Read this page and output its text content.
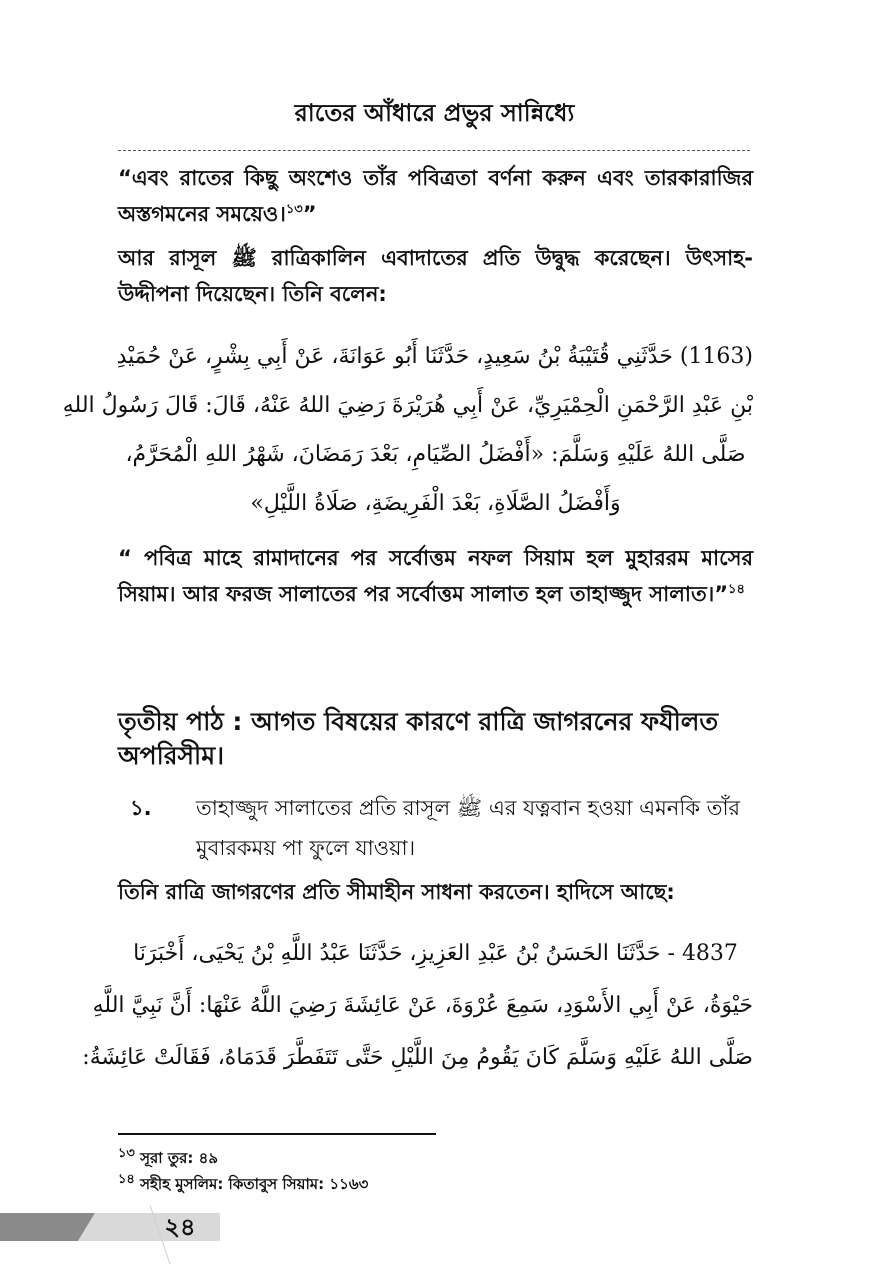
রাতের আঁধারে প্রভুর সান্নিধ্যে
“এবং রাতের কিছু অংশেও তাঁর পবিত্রতা বর্ণনা করুন এবং তারকারাজির অস্তগমনের সময়েও।$^{১৩}$”
আর রাসূল ﷺ রাত্রিকালিন এবাদাতের প্রতি উদ্বুদ্ধ করেছেন। উৎসাহ-উদ্দীপনা দিয়েছেন। তিনি বলেন:
(1163) حَدَّثَنِي قُتَيْبَةُ بْنُ سَعِيدٍ، حَدَّثَنَا أَبُو عَوَانَةَ، عَنْ أَبِي بِشْرٍ، عَنْ حُمَيْدِ
بْنِ عَبْدِ الرَّحْمَنِ الْحِمْيَرِيِّ، عَنْ أَبِي هُرَيْرَةَ رَضِيَ اللهُ عَنْهُ، قَالَ: قَالَ رَسُولُ اللهِ
صَلَّى اللهُ عَلَيْهِ وَسَلَّمَ: «أَفْضَلُ الصِّيَامِ، بَعْدَ رَمَضَانَ، شَهْرُ اللهِ الْمُحَرَّمُ،
وَأَفْضَلُ الصَّلَاةِ، بَعْدَ الْفَرِيضَةِ، صَلَاةُ اللَّيْلِ»
“ পবিত্র মাহে রামাদানের পর সর্বোত্তম নফল সিয়াম হল মুহাররম মাসের সিয়াম। আর ফরজ সালাতের পর সর্বোত্তম সালাত হল তাহাজ্জুদ সালাত।”$^{১৪}$
তৃতীয় পাঠ : আগত বিষয়ের কারণে রাত্রি জাগরনের ফযীলত অপরিসীম।
১. তাহাজ্জুদ সালাতের প্রতি রাসূল ﷺ এর যত্নবান হওয়া এমনকি তাঁর মুবারকময় পা ফুলে যাওয়া।
তিনি রাত্রি জাগরণের প্রতি সীমাহীন সাধনা করতেন। হাদিসে আছে:
4837 - حَدَّثَنَا الحَسَنُ بْنُ عَبْدِ العَزِيزِ، حَدَّثَنَا عَبْدُ اللَّهِ بْنُ يَحْيَى، أَخْبَرَنَا
حَيْوَةُ، عَنْ أَبِي الأَسْوَدِ، سَمِعَ عُرْوَةَ، عَنْ عَائِشَةَ رَضِيَ اللَّهُ عَنْهَا: أَنَّ نَبِيَّ اللَّهِ
صَلَّى اللهُ عَلَيْهِ وَسَلَّمَ كَانَ يَقُومُ مِنَ اللَّيْلِ حَتَّى تَتَفَطَّرَ قَدَمَاهُ، فَقَالَتْ عَائِشَةُ:
$^{১৩}$ সূরা তুর: ৪৯
$^{১৪}$ সহীহ মুসলিম: কিতাবুস সিয়াম: ১১৬৩
২৪
